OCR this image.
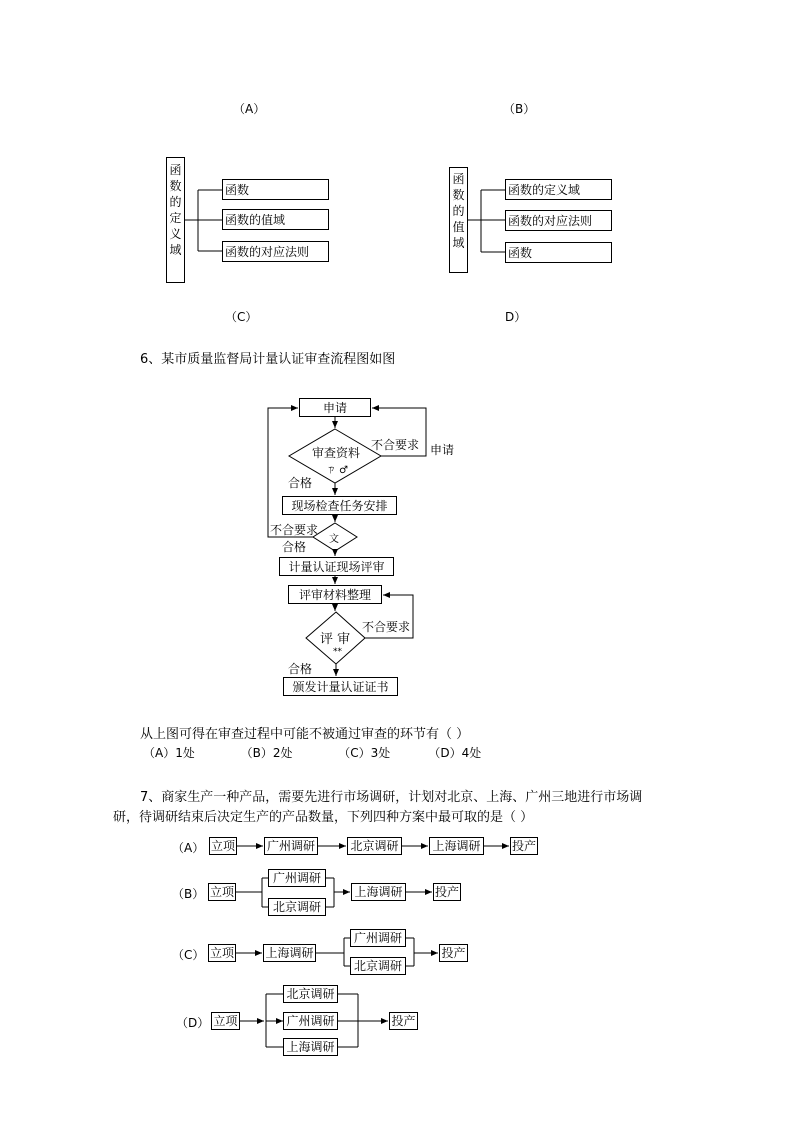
（A）	（B）
函
数
的
定
义
域
函数
函数的值域
函数的对应法则
函
数
的
值
域
函数的定义域
函数的对应法则
函数
（C）	D）
6、某市质量监督局计量认证审查流程图如图
申请
现场检查任务安排
计量认证现场评审
评审材料整理
颁发计量认证证书
审查资料
ㄗ ♂
文
评 审
**
不合要求 申请
合格
不合要求
合格
不合要求
合格
从上图可得在审查过程中可能不被通过审查的环节有（ ）
（A）1处            （B）2处            （C）3处          （D）4处
7、商家生产一种产品，需要先进行市场调研，计划对北京、上海、广州三地进行市场调
研，待调研结束后决定生产的产品数量，下列四种方案中最可取的是（ ）
（A） 立项	广州调研	北京调研	上海调研	投产
（B） 立项
广州调研
北京调研
上海调研	投产
（C） 立项	上海调研
广州调研
北京调研
投产
（D） 立项
北京调研
广州调研
上海调研
投产
